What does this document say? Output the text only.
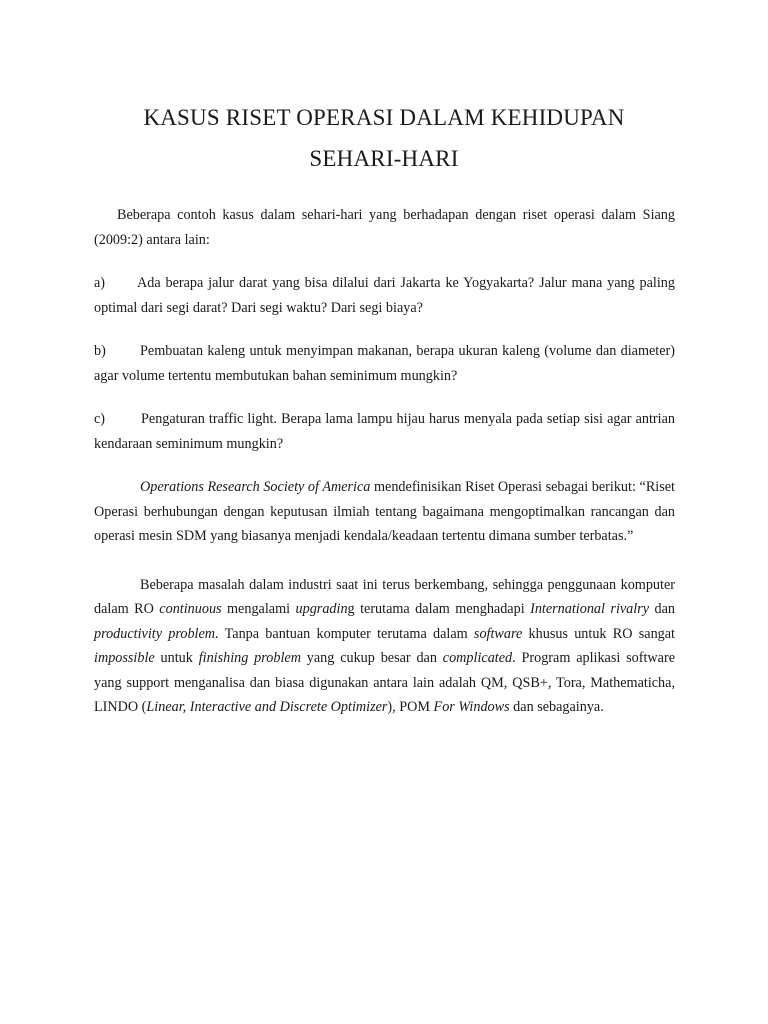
KASUS RISET OPERASI DALAM KEHIDUPAN
SEHARI-HARI

Beberapa contoh kasus dalam sehari-hari yang berhadapan dengan riset operasi dalam Siang (2009:2) antara lain:

a) Ada berapa jalur darat yang bisa dilalui dari Jakarta ke Yogyakarta? Jalur mana yang paling optimal dari segi darat? Dari segi waktu? Dari segi biaya?

b) Pembuatan kaleng untuk menyimpan makanan, berapa ukuran kaleng (volume dan diameter) agar volume tertentu membutukan bahan seminimum mungkin?

c)	Pengaturan traffic light. Berapa lama lampu hijau harus menyala pada setiap sisi agar antrian kendaraan seminimum mungkin?

Operations Research Society of America mendefinisikan Riset Operasi sebagai berikut: “Riset Operasi berhubungan dengan keputusan ilmiah tentang bagaimana mengoptimalkan rancangan dan operasi mesin SDM yang biasanya menjadi kendala/keadaan tertentu dimana sumber terbatas.”

Beberapa masalah dalam industri saat ini terus berkembang, sehingga penggunaan komputer dalam RO continuous mengalami upgrading terutama dalam menghadapi International rivalry dan productivity problem. Tanpa bantuan komputer terutama dalam software khusus untuk RO sangat impossible untuk finishing problem yang cukup besar dan complicated. Program aplikasi software yang support menganalisa dan biasa digunakan antara lain adalah QM, QSB+, Tora, Mathematicha, LINDO (Linear, Interactive and Discrete Optimizer), POM For Windows dan sebagainya.
